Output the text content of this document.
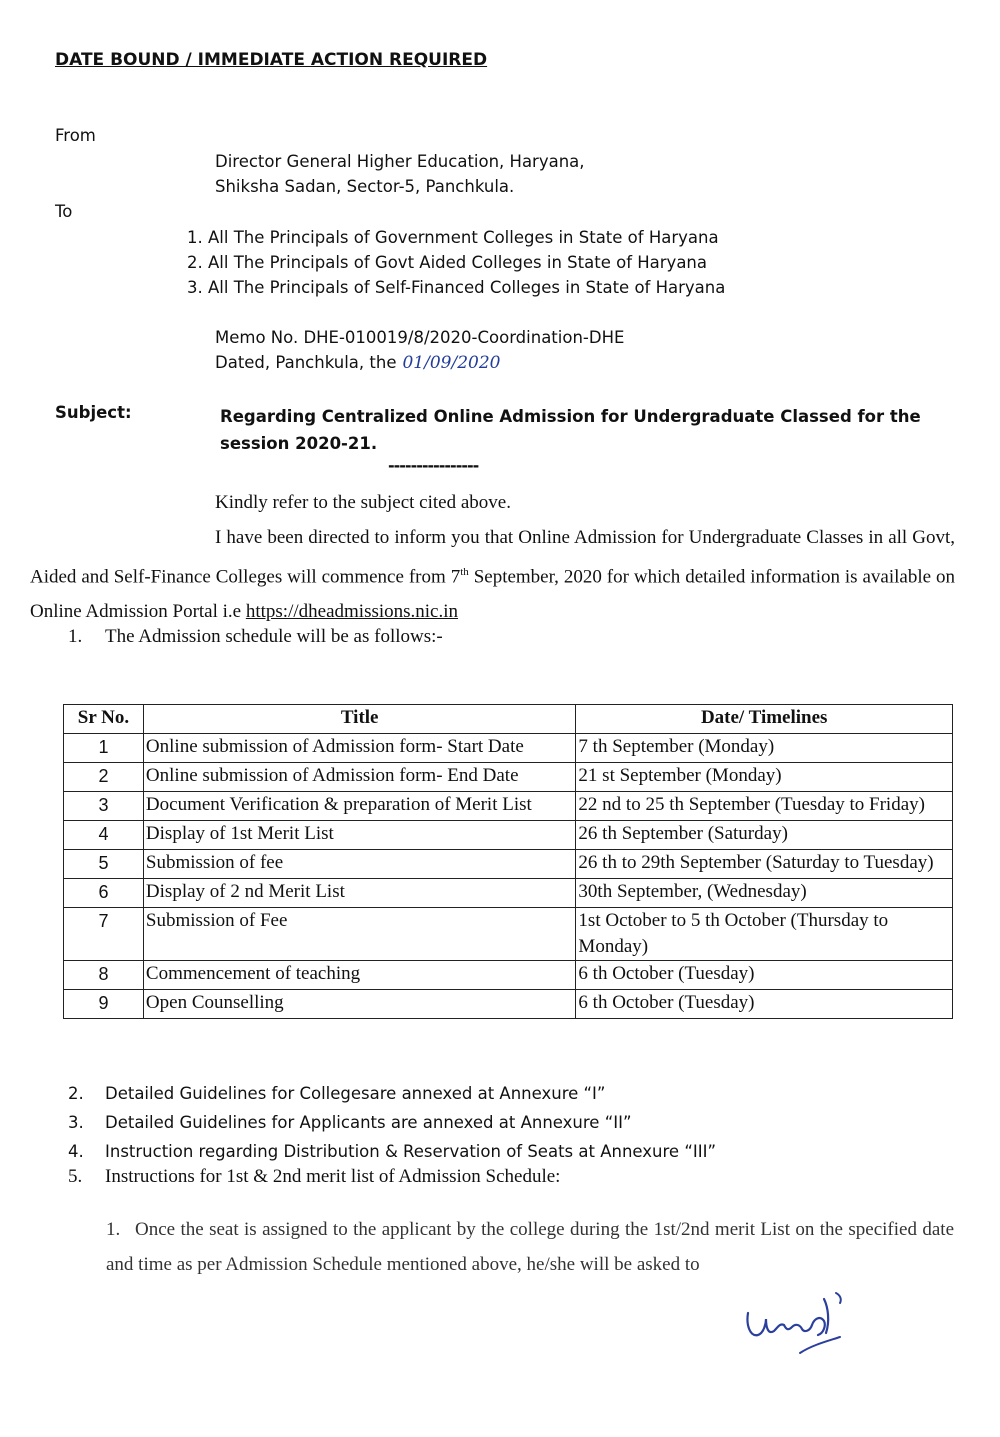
DATE BOUND / IMMEDIATE ACTION REQUIRED
From
Director General Higher Education, Haryana,
Shiksha Sadan, Sector-5, Panchkula.
To
1. All The Principals of Government Colleges in State of Haryana
2. All The Principals of Govt Aided Colleges in State of Haryana
3. All The Principals of Self-Financed Colleges in State of Haryana
Memo No. DHE-010019/8/2020-Coordination-DHE
Dated, Panchkula, the 01/09/2020
Subject:	Regarding Centralized Online Admission for Undergraduate Classed for the session 2020-21.
----------------
Kindly refer to the subject cited above.
I have been directed to inform you that Online Admission for Undergraduate Classes in all Govt, Aided and Self-Finance Colleges will commence from 7th September, 2020 for which detailed information is available on Online Admission Portal i.e https://dheadmissions.nic.in
1. The Admission schedule will be as follows:-
Sr No.	Title	Date/ Timelines
1	Online submission of Admission form- Start Date	7 th September (Monday)
2	Online submission of Admission form- End Date	21 st September (Monday)
3	Document Verification & preparation of Merit List	22 nd to 25 th September (Tuesday to Friday)
4	Display of 1st Merit List	26 th September (Saturday)
5	Submission of fee	26 th to 29th September (Saturday to Tuesday)
6	Display of 2 nd Merit List	30th September, (Wednesday)
7	Submission of Fee	1st October to 5 th October (Thursday to Monday)
8	Commencement of teaching	6 th October (Tuesday)
9	Open Counselling	6 th October (Tuesday)
2. Detailed Guidelines for Collegesare annexed at Annexure “I”
3. Detailed Guidelines for Applicants are annexed at Annexure “II”
4. Instruction regarding Distribution & Reservation of Seats at Annexure “III”
5. Instructions for 1st & 2nd merit list of Admission Schedule:
1. Once the seat is assigned to the applicant by the college during the 1st/2nd merit List on the specified date and time as per Admission Schedule mentioned above, he/she will be asked to
